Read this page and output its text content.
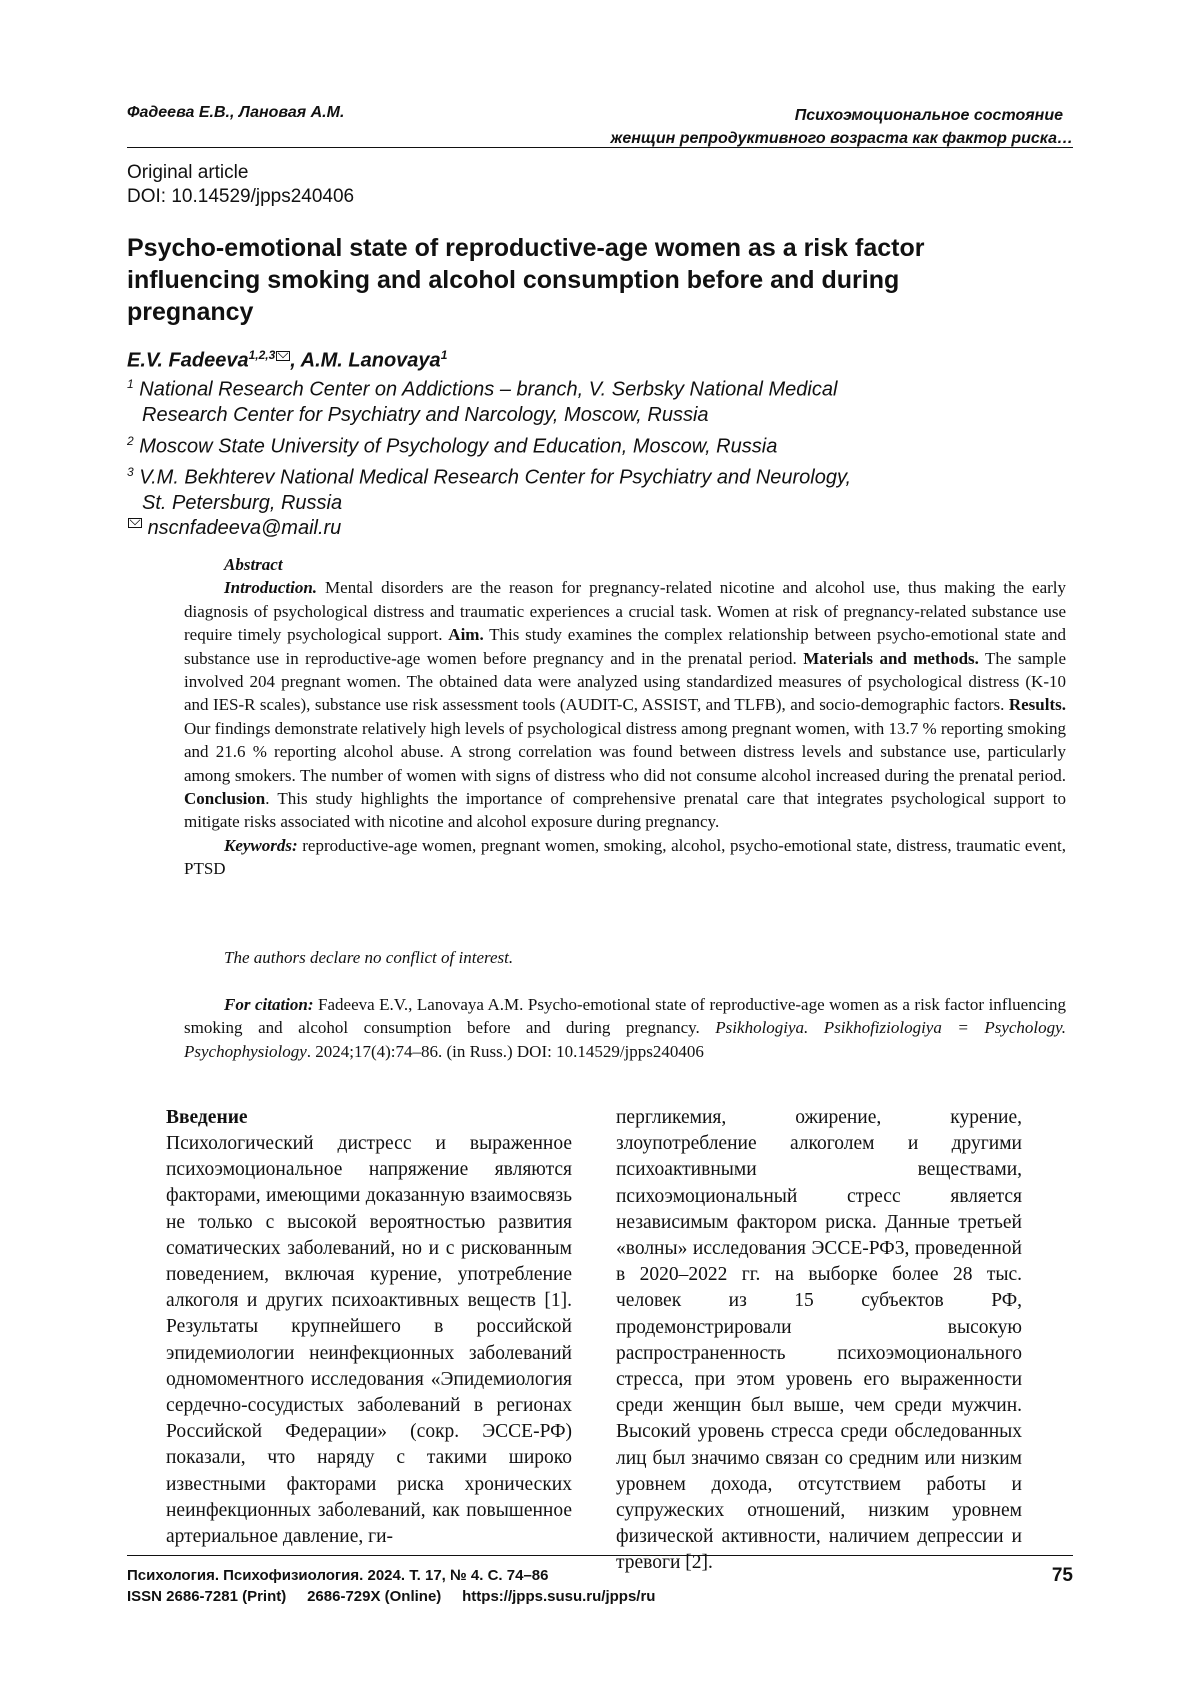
Фадеева Е.В., Лановая А.М.	Психоэмоциональное состояние
женщин репродуктивного возраста как фактор риска…
Original article
DOI: 10.14529/jpps240406
Psycho-emotional state of reproductive-age women as a risk factor influencing smoking and alcohol consumption before and during pregnancy
E.V. Fadeeva$^{1,2,3}$ , A.M. Lanovaya$^1$
$^1$ National Research Center on Addictions – branch, V. Serbsky National Medical
Research Center for Psychiatry and Narcology, Moscow, Russia
$^2$ Moscow State University of Psychology and Education, Moscow, Russia
$^3$ V.M. Bekhterev National Medical Research Center for Psychiatry and Neurology,
St. Petersburg, Russia
nscnfadeeva@mail.ru

Abstract

Introduction. Mental disorders are the reason for pregnancy-related nicotine and alcohol use, thus making the early diagnosis of psychological distress and traumatic experiences a crucial task. Women at risk of pregnancy-related substance use require timely psychological support. Aim. This study examines the complex relationship between psycho-emotional state and substance use in reproductive-age women before pregnancy and in the prenatal period. Materials and methods. The sample involved 204 pregnant women. The obtained data were analyzed using standardized measures of psychological distress (K-10 and IES-R scales), substance use risk assessment tools (AUDIT-C, ASSIST, and TLFB), and socio-demographic factors. Results. Our findings demonstrate relatively high levels of psychological distress among pregnant women, with 13.7 % reporting smoking and 21.6 % reporting alcohol abuse. A strong correlation was found between distress levels and substance use, particularly among smokers. The number of women with signs of distress who did not consume alcohol increased during the prenatal period. Conclusion. This study highlights the importance of comprehensive prenatal care that integrates psychological support to mitigate risks associated with nicotine and alcohol exposure during pregnancy.

Keywords: reproductive-age women, pregnant women, smoking, alcohol, psycho-emotional state, distress, traumatic event, PTSD

The authors declare no conflict of interest.
For citation: Fadeeva E.V., Lanovaya A.M. Psycho-emotional state of reproductive-age women as a risk factor influencing smoking and alcohol consumption before and during pregnancy. Psikhologiya. Psikhofiziologiya = Psychology. Psychophysiology. 2024;17(4):74–86. (in Russ.) DOI: 10.14529/jpps240406

Введение

Психологический дистресс и выраженное психоэмоциональное напряжение являются факторами, имеющими доказанную взаимосвязь не только с высокой вероятностью развития соматических заболеваний, но и с рискованным поведением, включая курение, употребление алкоголя и других психоактивных веществ [1]. Результаты крупнейшего в российской эпидемиологии неинфекционных заболеваний одномоментного исследования «Эпидемиология сердечно-сосудистых заболеваний в регионах Российской Федерации» (сокр. ЭССЕ-РФ) показали, что наряду с такими широко известными факторами риска хронических неинфекционных заболеваний, как повышенное артериальное давление, ги-

пергликемия, ожирение, курение, злоупотребление алкоголем и другими психоактивными веществами, психоэмоциональный стресс является независимым фактором риска. Данные третьей «волны» исследования ЭССЕ-РФ3, проведенной в 2020–2022 гг. на выборке более 28 тыс. человек из 15 субъектов РФ, продемонстрировали высокую распространенность психоэмоционального стресса, при этом уровень его выраженности среди женщин был выше, чем среди мужчин. Высокий уровень стресса среди обследованных лиц был значимо связан со средним или низким уровнем дохода, отсутствием работы и супружеских отношений, низким уровнем физической активности, наличием депрессии и тревоги [2].

Психология. Психофизиология. 2024. Т. 17, № 4. С. 74–86
ISSN 2686-7281 (Print)     2686-729X (Online)     https://jpps.susu.ru/jpps/ru
75
